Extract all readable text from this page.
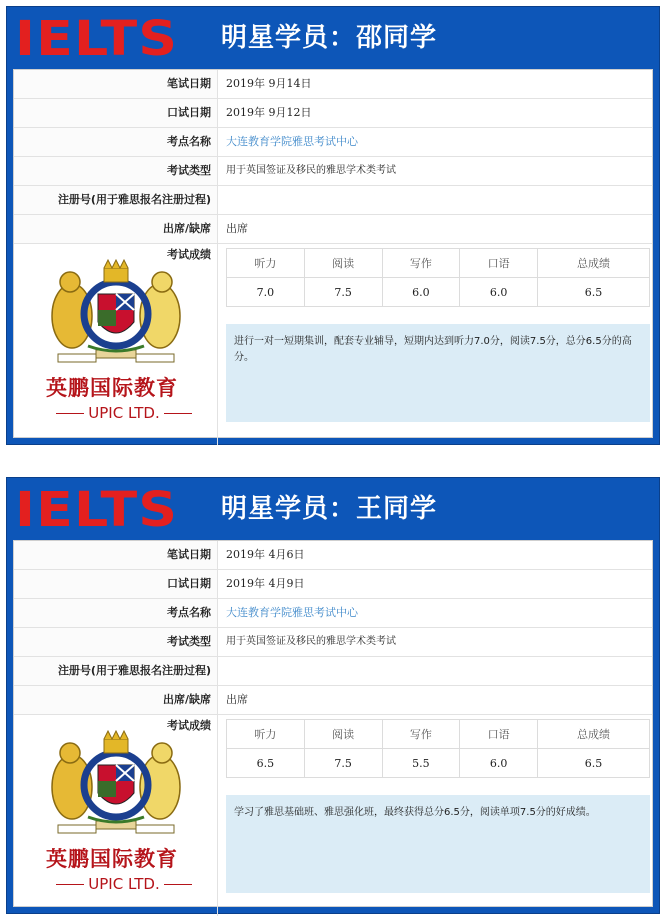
IELTS 明星学员：邵同学
笔试日期	2019年 9月14日
口试日期	2019年 9月12日
考点名称	大连教育学院雅思考试中心
考试类型	用于英国签证及移民的雅思学术类考试
注册号(用于雅思报名注册过程)
出席/缺席	出席
考试成绩
英鹏国际教育
UPIC LTD.
听力	阅读	写作	口语	总成绩
7.0	7.5	6.0	6.0	6.5
进行一对一短期集训，配套专业辅导，短期内达到听力7.0分，阅读7.5分，总分6.5分的高分。
IELTS 明星学员：王同学
笔试日期	2019年 4月6日
口试日期	2019年 4月9日
考点名称	大连教育学院雅思考试中心
考试类型	用于英国签证及移民的雅思学术类考试
注册号(用于雅思报名注册过程)
出席/缺席	出席
考试成绩
英鹏国际教育
UPIC LTD.
听力	阅读	写作	口语	总成绩
6.5	7.5	5.5	6.0	6.5
学习了雅思基础班、雅思强化班，最终获得总分6.5分，阅读单项7.5分的好成绩。
